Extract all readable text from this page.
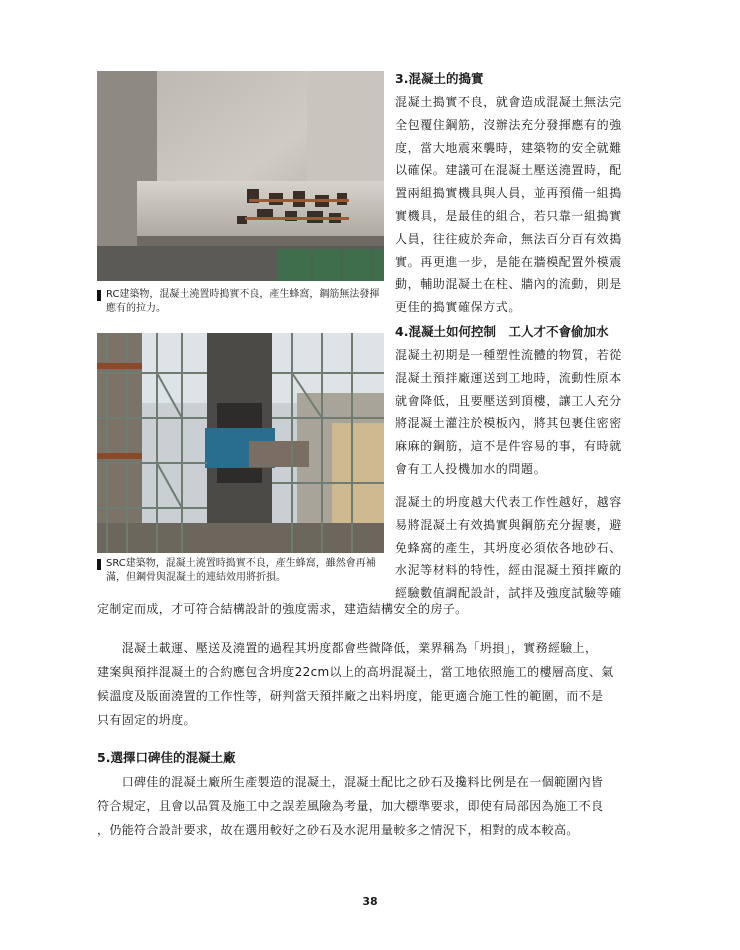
RC建築物，混凝土澆置時搗實不良，產生蜂窩，鋼筋無法發揮應有的拉力。
SRC建築物，混凝土澆置時搗實不良，產生蜂窩，雖然會再補滿，但鋼骨與混凝土的連結效用將折損。
3.混凝土的搗實
混凝土搗實不良，就會造成混凝土無法完
全包覆住鋼筋，沒辦法充分發揮應有的強
度，當大地震來襲時，建築物的安全就難
以確保。建議可在混凝土壓送澆置時，配
置兩組搗實機具與人員，並再預備一組搗
實機具，是最佳的組合，若只靠一組搗實
人員，往往疲於奔命，無法百分百有效搗
實。再更進一步，是能在牆模配置外模震
動，輔助混凝土在柱、牆內的流動，則是
更佳的搗實確保方式。
4.混凝土如何控制　工人才不會偷加水
混凝土初期是一種塑性流體的物質，若從
混凝土預拌廠運送到工地時，流動性原本
就會降低，且要壓送到頂樓，讓工人充分
將混凝土灌注於模板內，將其包裹住密密
麻麻的鋼筋，這不是件容易的事，有時就
會有工人投機加水的問題。
混凝土的坍度越大代表工作性越好，越容
易將混凝土有效搗實與鋼筋充分握裹，避
免蜂窩的產生，其坍度必須依各地砂石、
水泥等材料的特性，經由混凝土預拌廠的
經驗數值調配設計，試拌及強度試驗等確
定制定而成，才可符合結構設計的強度需求，建造結構安全的房子。
　　混凝土載運、壓送及澆置的過程其坍度都會些微降低，業界稱為「坍損」，實務經驗上，
建案與預拌混凝土的合約應包含坍度22cm以上的高坍混凝土，當工地依照施工的樓層高度、氣
候溫度及版面澆置的工作性等，研判當天預拌廠之出料坍度，能更適合施工性的範圍，而不是
只有固定的坍度。
5.選擇口碑佳的混凝土廠
　　口碑佳的混凝土廠所生產製造的混凝土，混凝土配比之砂石及攙料比例是在一個範圍內皆
符合規定，且會以品質及施工中之誤差風險為考量，加大標準要求，即使有局部因為施工不良
，仍能符合設計要求，故在選用較好之砂石及水泥用量較多之情況下，相對的成本較高。
38
